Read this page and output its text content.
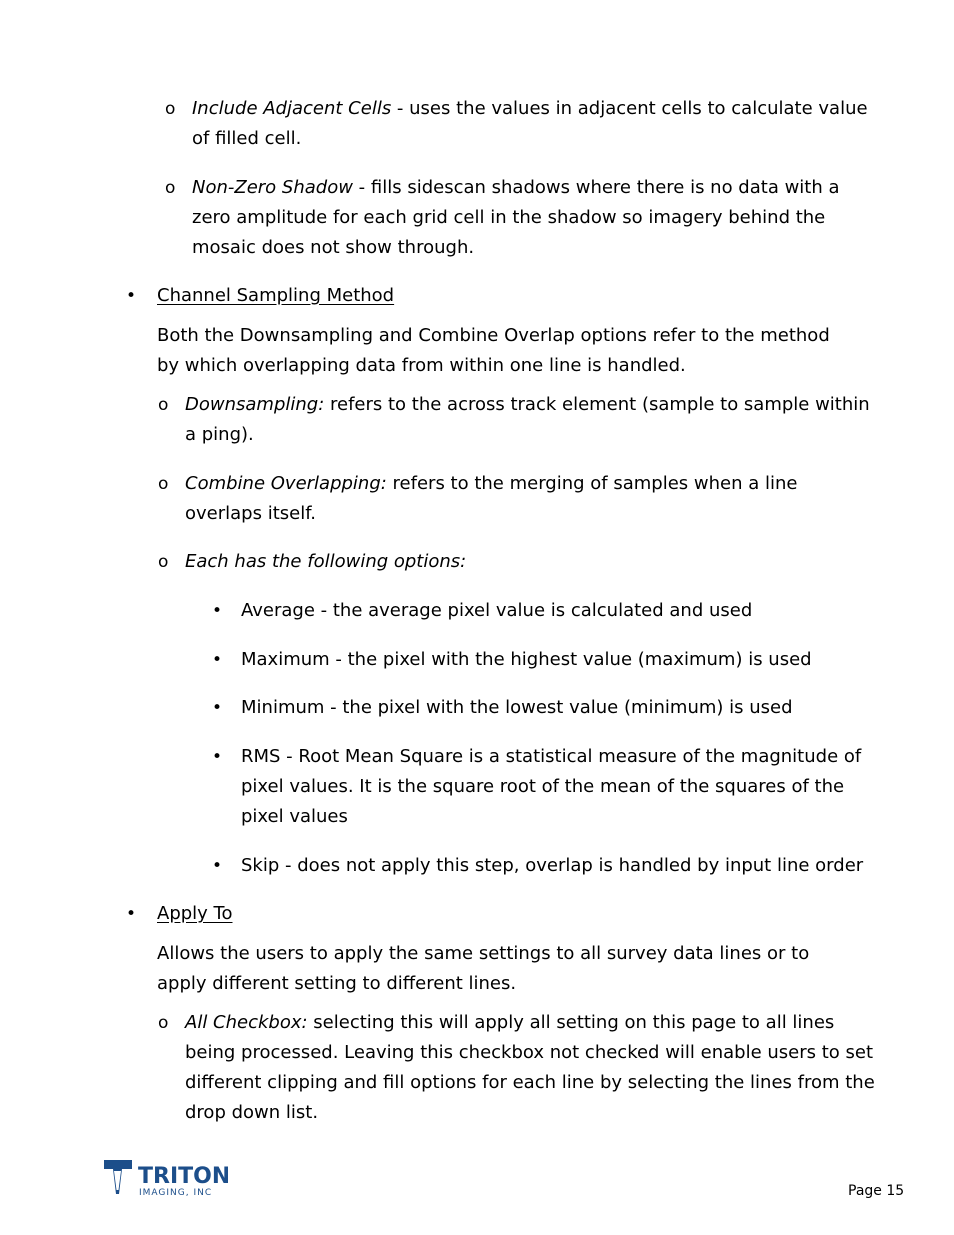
o Include Adjacent Cells - uses the values in adjacent cells to calculate value of filled cell.
o Non-Zero Shadow - fills sidescan shadows where there is no data with a zero amplitude for each grid cell in the shadow so imagery behind the mosaic does not show through.
• Channel Sampling Method
Both the Downsampling and Combine Overlap options refer to the method by which overlapping data from within one line is handled.
o Downsampling: refers to the across track element (sample to sample within a ping).
o Combine Overlapping: refers to the merging of samples when a line overlaps itself.
o Each has the following options:
• Average - the average pixel value is calculated and used
• Maximum - the pixel with the highest value (maximum) is used
• Minimum - the pixel with the lowest value (minimum) is used
• RMS - Root Mean Square is a statistical measure of the magnitude of pixel values. It is the square root of the mean of the squares of the pixel values
• Skip - does not apply this step, overlap is handled by input line order
• Apply To
Allows the users to apply the same settings to all survey data lines or to apply different setting to different lines.
o All Checkbox: selecting this will apply all setting on this page to all lines being processed. Leaving this checkbox not checked will enable users to set different clipping and fill options for each line by selecting the lines from the drop down list.
TRITON
IMAGING, INC	Page 15
